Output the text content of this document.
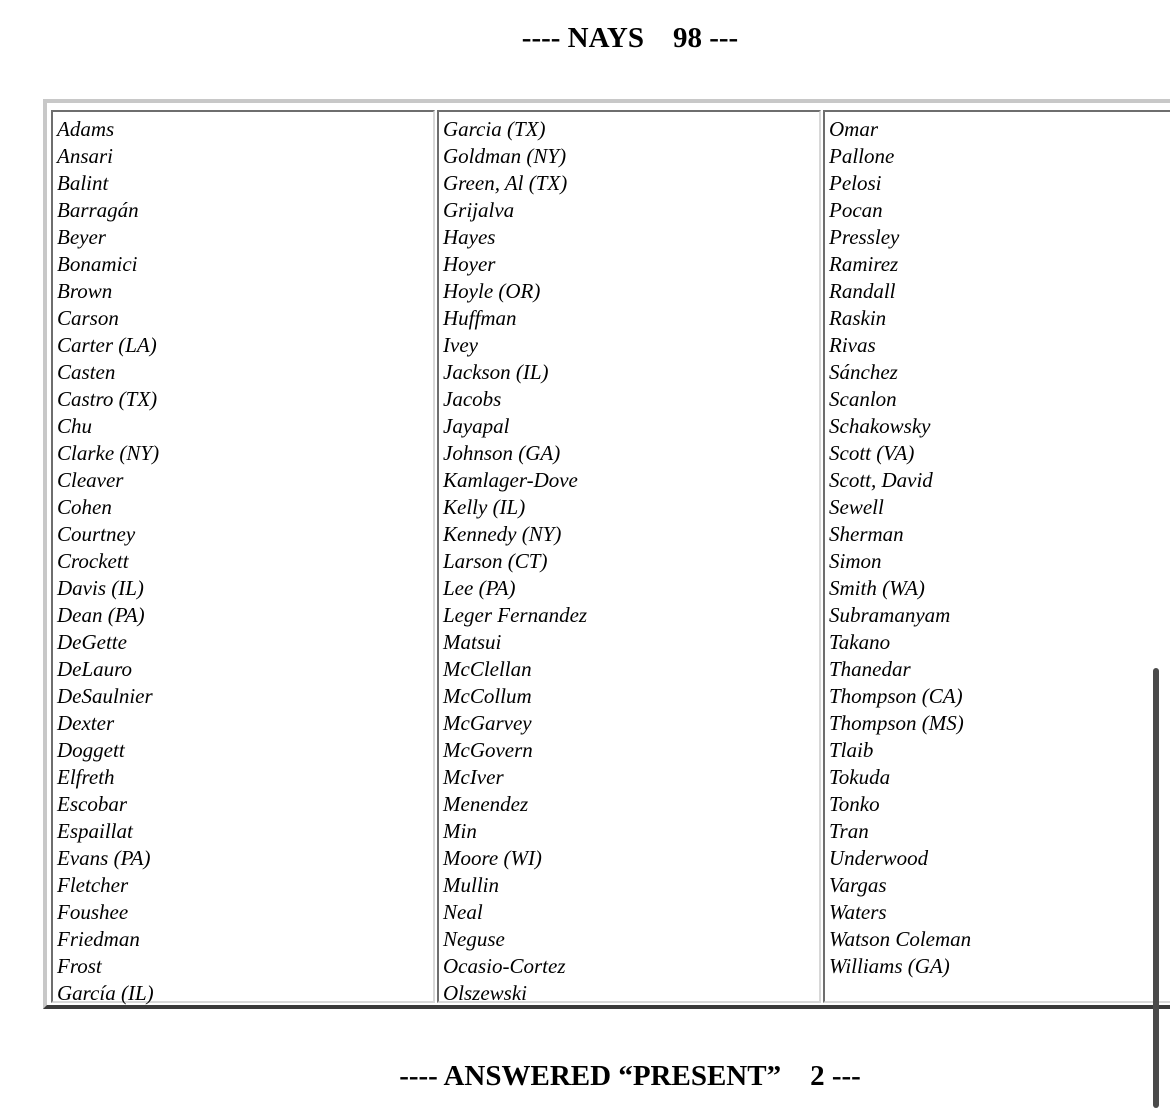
---- NAYS    98 ---
Adams
Ansari
Balint
Barragán
Beyer
Bonamici
Brown
Carson
Carter (LA)
Casten
Castro (TX)
Chu
Clarke (NY)
Cleaver
Cohen
Courtney
Crockett
Davis (IL)
Dean (PA)
DeGette
DeLauro
DeSaulnier
Dexter
Doggett
Elfreth
Escobar
Espaillat
Evans (PA)
Fletcher
Foushee
Friedman
Frost
García (IL)
Garcia (TX)
Goldman (NY)
Green, Al (TX)
Grijalva
Hayes
Hoyer
Hoyle (OR)
Huffman
Ivey
Jackson (IL)
Jacobs
Jayapal
Johnson (GA)
Kamlager-Dove
Kelly (IL)
Kennedy (NY)
Larson (CT)
Lee (PA)
Leger Fernandez
Matsui
McClellan
McCollum
McGarvey
McGovern
McIver
Menendez
Min
Moore (WI)
Mullin
Neal
Neguse
Ocasio-Cortez
Olszewski
Omar
Pallone
Pelosi
Pocan
Pressley
Ramirez
Randall
Raskin
Rivas
Sánchez
Scanlon
Schakowsky
Scott (VA)
Scott, David
Sewell
Sherman
Simon
Smith (WA)
Subramanyam
Takano
Thanedar
Thompson (CA)
Thompson (MS)
Tlaib
Tokuda
Tonko
Tran
Underwood
Vargas
Waters
Watson Coleman
Williams (GA)
---- ANSWERED “PRESENT”    2 ---
